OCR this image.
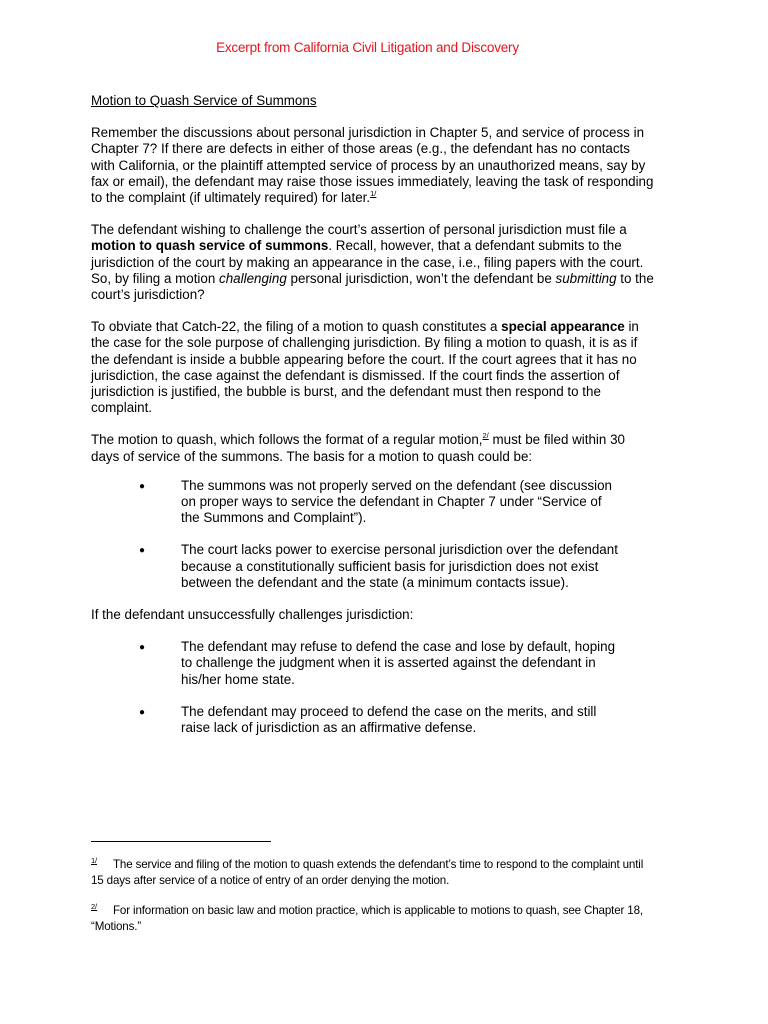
Excerpt from California Civil Litigation and Discovery
Motion to Quash Service of Summons
Remember the discussions about personal jurisdiction in Chapter 5, and service of process in
Chapter 7? If there are defects in either of those areas (e.g., the defendant has no contacts
with California, or the plaintiff attempted service of process by an unauthorized means, say by
fax or email), the defendant may raise those issues immediately, leaving the task of responding
to the complaint (if ultimately required) for later.$^{1/}$
The defendant wishing to challenge the court’s assertion of personal jurisdiction must file a
motion to quash service of summons. Recall, however, that a defendant submits to the
jurisdiction of the court by making an appearance in the case, i.e., filing papers with the court.
So, by filing a motion challenging personal jurisdiction, won’t the defendant be submitting to the
court’s jurisdiction?
To obviate that Catch-22, the filing of a motion to quash constitutes a special appearance in
the case for the sole purpose of challenging jurisdiction. By filing a motion to quash, it is as if
the defendant is inside a bubble appearing before the court. If the court agrees that it has no
jurisdiction, the case against the defendant is dismissed. If the court finds the assertion of
jurisdiction is justified, the bubble is burst, and the defendant must then respond to the
complaint.
The motion to quash, which follows the format of a regular motion,$^{2/}$ must be filed within 30
days of service of the summons. The basis for a motion to quash could be:
●	The summons was not properly served on the defendant (see discussion
on proper ways to service the defendant in Chapter 7 under “Service of
the Summons and Complaint”).
●	The court lacks power to exercise personal jurisdiction over the defendant
because a constitutionally sufficient basis for jurisdiction does not exist
between the defendant and the state (a minimum contacts issue).
If the defendant unsuccessfully challenges jurisdiction:
●	The defendant may refuse to defend the case and lose by default, hoping
to challenge the judgment when it is asserted against the defendant in
his/her home state.
●	The defendant may proceed to defend the case on the merits, and still
raise lack of jurisdiction as an affirmative defense.
1/ The service and filing of the motion to quash extends the defendant’s time to respond to the complaint until
15 days after service of a notice of entry of an order denying the motion.
2/ For information on basic law and motion practice, which is applicable to motions to quash, see Chapter 18,
“Motions.”
